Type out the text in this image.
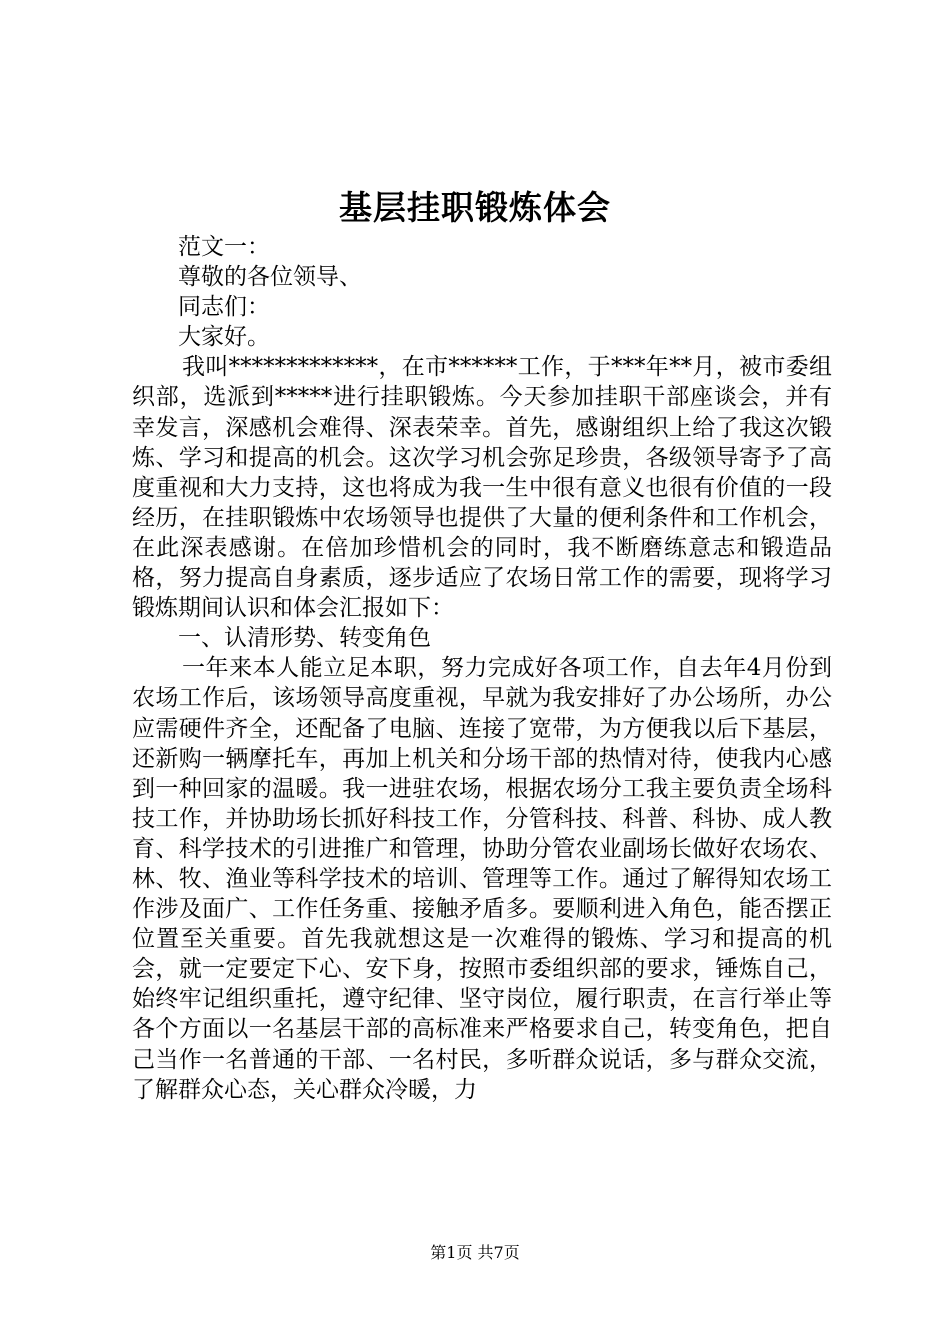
基层挂职锻炼体会

范文一：

尊敬的各位领导、

同志们：

大家好。

我叫*************，在市******工作，于***年**月，被市委组织部，选派到*****进行挂职锻炼。今天参加挂职干部座谈会，并有幸发言，深感机会难得、深表荣幸。首先，感谢组织上给了我这次锻炼、学习和提高的机会。这次学习机会弥足珍贵，各级领导寄予了高度重视和大力支持，这也将成为我一生中很有意义也很有价值的一段经历，在挂职锻炼中农场领导也提供了大量的便利条件和工作机会，在此深表感谢。在倍加珍惜机会的同时，我不断磨练意志和锻造品格，努力提高自身素质，逐步适应了农场日常工作的需要，现将学习锻炼期间认识和体会汇报如下：

一、认清形势、转变角色

一年来本人能立足本职，努力完成好各项工作，自去年4月份到农场工作后，该场领导高度重视，早就为我安排好了办公场所，办公应需硬件齐全，还配备了电脑、连接了宽带，为方便我以后下基层，还新购一辆摩托车，再加上机关和分场干部的热情对待，使我内心感到一种回家的温暖。我一进驻农场，根据农场分工我主要负责全场科技工作，并协助场长抓好科技工作，分管科技、科普、科协、成人教育、科学技术的引进推广和管理，协助分管农业副场长做好农场农、林、牧、渔业等科学技术的培训、管理等工作。通过了解得知农场工作涉及面广、工作任务重、接触矛盾多。要顺利进入角色，能否摆正位置至关重要。首先我就想这是一次难得的锻炼、学习和提高的机会，就一定要定下心、安下身，按照市委组织部的要求，锤炼自己，始终牢记组织重托，遵守纪律、坚守岗位，履行职责，在言行举止等各个方面以一名基层干部的高标准来严格要求自己，转变角色，把自己当作一名普通的干部、一名村民，多听群众说话，多与群众交流，了解群众心态，关心群众冷暖，力

第1页 共7页
